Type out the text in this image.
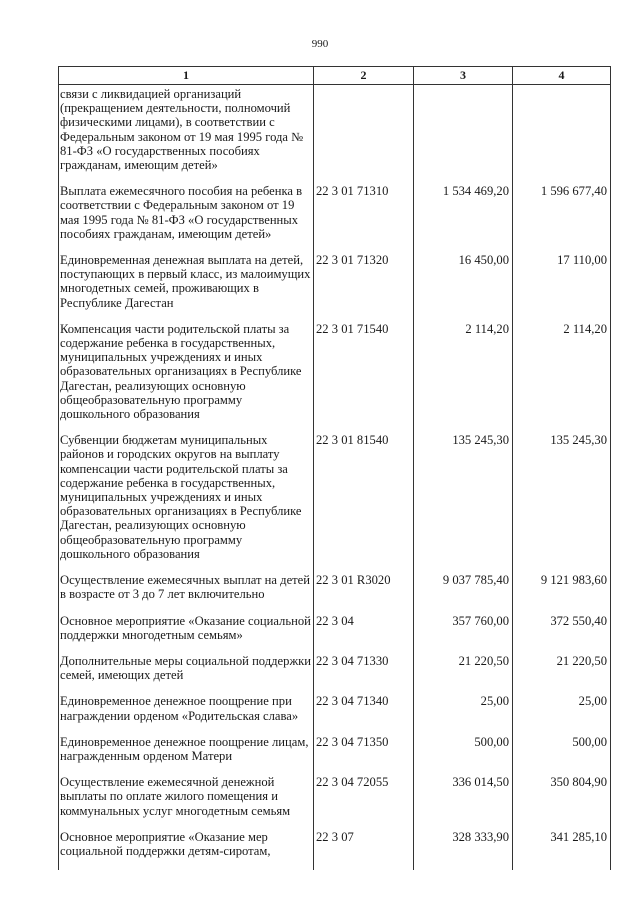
990
1	2	3	4
связи с ликвидацией организаций (прекращением деятельности, полномочий физическими лицами), в соответствии с Федеральным законом от 19 мая 1995 года № 81-ФЗ «О государственных пособиях гражданам, имеющим детей»			
Выплата ежемесячного пособия на ребенка в соответствии с Федеральным законом от 19 мая 1995 года № 81-ФЗ «О государственных пособиях гражданам, имеющим детей»	22 3 01 71310	1 534 469,20	1 596 677,40
Единовременная денежная выплата на детей, поступающих в первый класс, из малоимущих многодетных семей, проживающих в Республике Дагестан	22 3 01 71320	16 450,00	17 110,00
Компенсация части родительской платы за содержание ребенка в государственных, муниципальных учреждениях и иных образовательных организациях в Республике Дагестан, реализующих основную общеобразовательную программу дошкольного образования	22 3 01 71540	2 114,20	2 114,20
Субвенции бюджетам муниципальных районов и городских округов на выплату компенсации части родительской платы за содержание ребенка в государственных, муниципальных учреждениях и иных образовательных организациях в Республике Дагестан, реализующих основную общеобразовательную программу дошкольного образования	22 3 01 81540	135 245,30	135 245,30
Осуществление ежемесячных выплат на детей в возрасте от 3 до 7 лет включительно	22 3 01 R3020	9 037 785,40	9 121 983,60
Основное мероприятие «Оказание социальной поддержки многодетным семьям»	22 3 04	357 760,00	372 550,40
Дополнительные меры социальной поддержки семей, имеющих детей	22 3 04 71330	21 220,50	21 220,50
Единовременное денежное поощрение при награждении орденом «Родительская слава»	22 3 04 71340	25,00	25,00
Единовременное денежное поощрение лицам, награжденным орденом Матери	22 3 04 71350	500,00	500,00
Осуществление ежемесячной денежной выплаты по оплате жилого помещения и коммунальных услуг многодетным семьям	22 3 04 72055	336 014,50	350 804,90
Основное мероприятие «Оказание мер социальной поддержки детям-сиротам,	22 3 07	328 333,90	341 285,10
